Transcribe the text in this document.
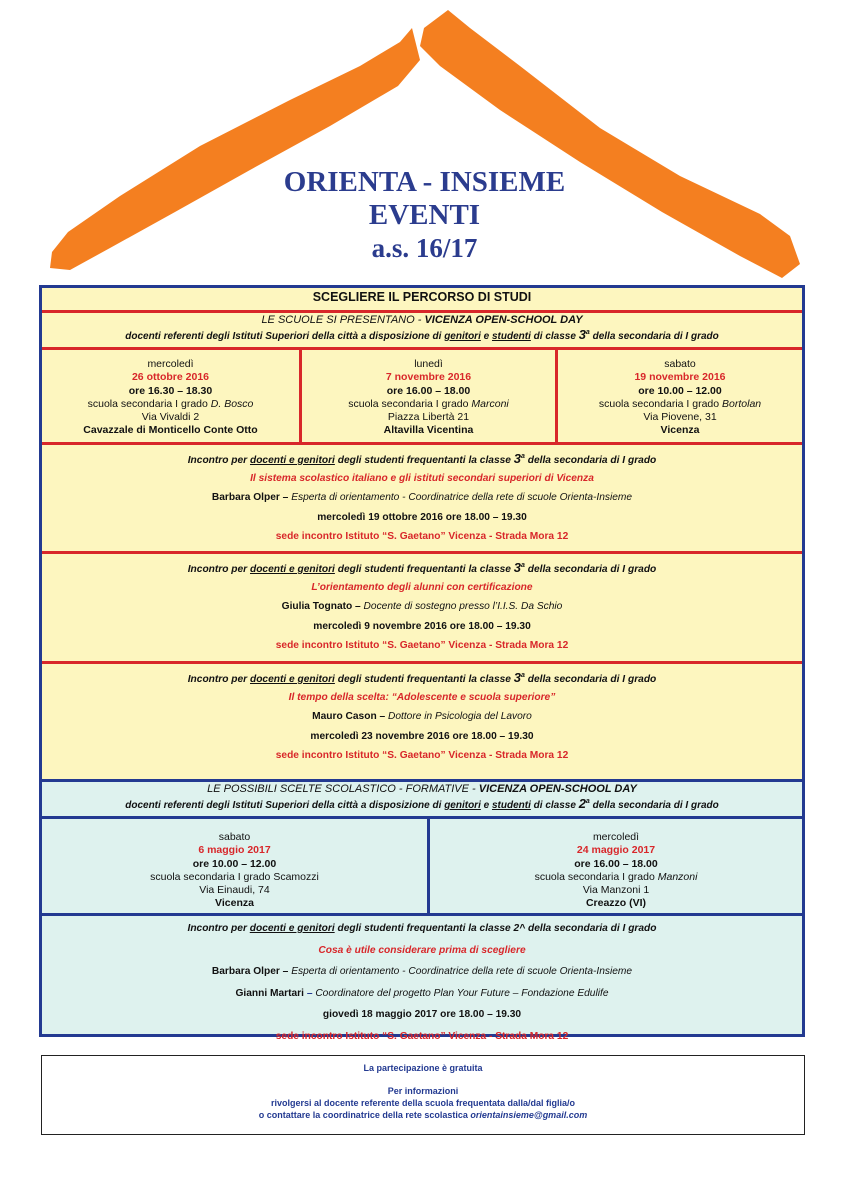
ORIENTA - INSIEME
EVENTI
a.s. 16/17
SCEGLIERE IL PERCORSO DI STUDI
LE SCUOLE SI PRESENTANO - VICENZA OPEN-SCHOOL DAY
docenti referenti degli Istituti Superiori della città a disposizione di genitori e studenti di classe 3$^a$ della secondaria di I grado
mercoledì
26 ottobre 2016
ore 16.30 – 18.30
scuola secondaria I grado D. Bosco
Via Vivaldi 2
Cavazzale di Monticello Conte Otto
lunedì
7 novembre 2016
ore 16.00 – 18.00
scuola secondaria I grado Marconi
Piazza Libertà 21
Altavilla Vicentina
sabato
19 novembre 2016
ore 10.00 – 12.00
scuola secondaria I grado Bortolan
Via Piovene, 31
Vicenza
Incontro per docenti e genitori degli studenti frequentanti la classe 3$^a$ della secondaria di I grado
Il sistema scolastico italiano e gli istituti secondari superiori di Vicenza
Barbara Olper – Esperta di orientamento - Coordinatrice della rete di scuole Orienta-Insieme
mercoledì 19 ottobre 2016 ore 18.00 – 19.30
sede incontro Istituto “S. Gaetano” Vicenza - Strada Mora 12
Incontro per docenti e genitori degli studenti frequentanti la classe 3$^a$ della secondaria di I grado
L’orientamento degli alunni con certificazione
Giulia Tognato – Docente di sostegno presso l’I.I.S. Da Schio
mercoledì 9 novembre 2016 ore 18.00 – 19.30
sede incontro Istituto “S. Gaetano” Vicenza - Strada Mora 12
Incontro per docenti e genitori degli studenti frequentanti la classe 3$^a$ della secondaria di I grado
Il tempo della scelta: “Adolescente e scuola superiore”
Mauro Cason – Dottore in Psicologia del Lavoro
mercoledì 23 novembre 2016 ore 18.00 – 19.30
sede incontro Istituto “S. Gaetano” Vicenza - Strada Mora 12
LE POSSIBILI SCELTE SCOLASTICO - FORMATIVE - VICENZA OPEN-SCHOOL DAY
docenti referenti degli Istituti Superiori della città a disposizione di genitori e studenti di classe 2$^a$ della secondaria di I grado
sabato
6 maggio 2017
ore 10.00 – 12.00
scuola secondaria I grado Scamozzi
Via Einaudi, 74
Vicenza
mercoledì
24 maggio 2017
ore 16.00 – 18.00
scuola secondaria I grado Manzoni
Via Manzoni 1
Creazzo (VI)
Incontro per docenti e genitori degli studenti frequentanti la classe 2^ della secondaria di I grado
Cosa è utile considerare prima di scegliere
Barbara Olper – Esperta di orientamento - Coordinatrice della rete di scuole Orienta-Insieme
Gianni Martari – Coordinatore del progetto Plan Your Future – Fondazione Edulife
giovedì 18 maggio 2017 ore 18.00 – 19.30
sede incontro Istituto “S. Gaetano” Vicenza - Strada Mora 12
La partecipazione è gratuita
Per informazioni
rivolgersi al docente referente della scuola frequentata dalla/dal figlia/o
o contattare la coordinatrice della rete scolastica orientainsieme@gmail.com
